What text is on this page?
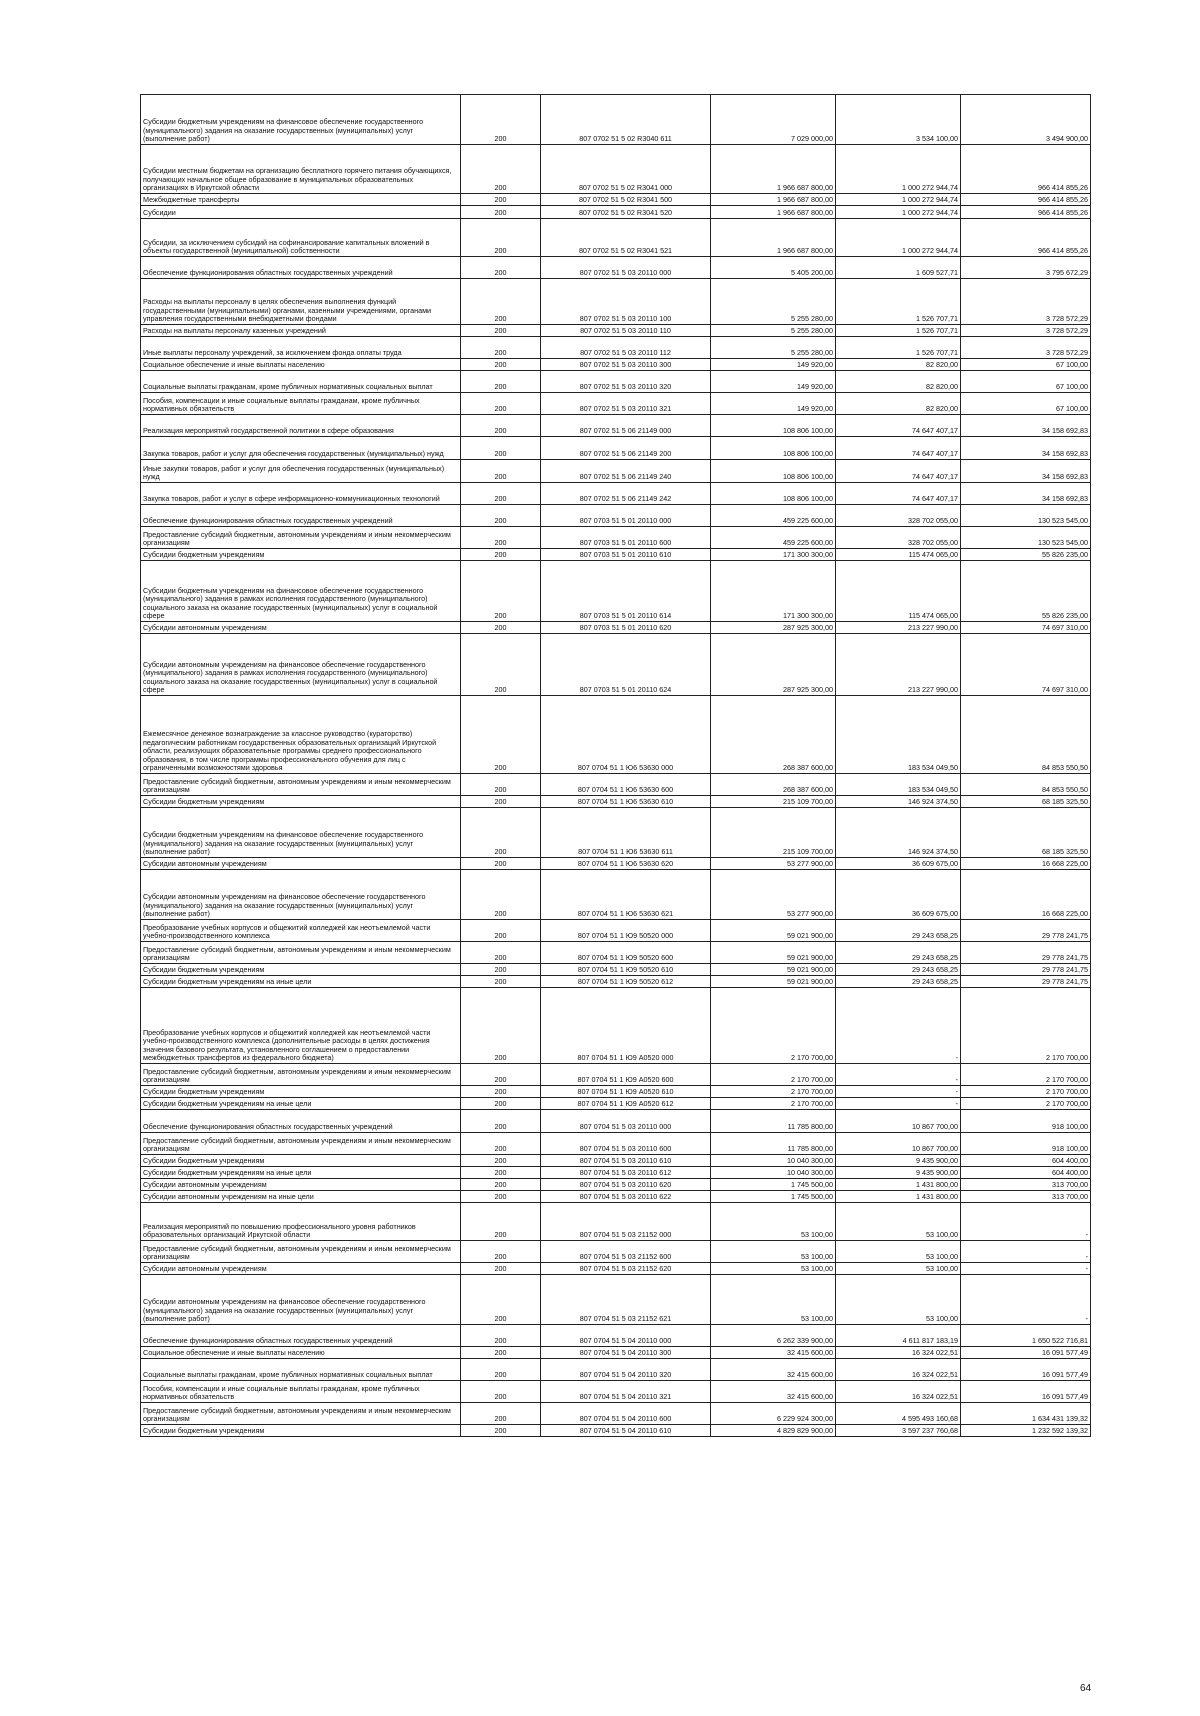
Субсидии бюджетным учреждениям на финансовое обеспечение государственного (муниципального) задания на оказание государственных (муниципальных) услуг (выполнение работ)	200	807 0702 51 5 02 R3040 611	7 029 000,00	3 534 100,00	3 494 900,00
Субсидии местным бюджетам на организацию бесплатного горячего питания обучающихся, получающих начальное общее образование в муниципальных образовательных организациях в Иркутской области	200	807 0702 51 5 02 R3041 000	1 966 687 800,00	1 000 272 944,74	966 414 855,26
Межбюджетные трансферты	200	807 0702 51 5 02 R3041 500	1 966 687 800,00	1 000 272 944,74	966 414 855,26
Субсидии	200	807 0702 51 5 02 R3041 520	1 966 687 800,00	1 000 272 944,74	966 414 855,26
Субсидии, за исключением субсидий на софинансирование капитальных вложений в объекты государственной (муниципальной) собственности	200	807 0702 51 5 02 R3041 521	1 966 687 800,00	1 000 272 944,74	966 414 855,26
Обеспечение функционирования областных государственных учреждений	200	807 0702 51 5 03 20110 000	5 405 200,00	1 609 527,71	3 795 672,29
Расходы на выплаты персоналу в целях обеспечения выполнения функций государственными (муниципальными) органами, казенными учреждениями, органами управления государственными внебюджетными фондами	200	807 0702 51 5 03 20110 100	5 255 280,00	1 526 707,71	3 728 572,29
Расходы на выплаты персоналу казенных учреждений	200	807 0702 51 5 03 20110 110	5 255 280,00	1 526 707,71	3 728 572,29
Иные выплаты персоналу учреждений, за исключением фонда оплаты труда	200	807 0702 51 5 03 20110 112	5 255 280,00	1 526 707,71	3 728 572,29
Социальное обеспечение и иные выплаты населению	200	807 0702 51 5 03 20110 300	149 920,00	82 820,00	67 100,00
Социальные выплаты гражданам, кроме публичных нормативных социальных выплат	200	807 0702 51 5 03 20110 320	149 920,00	82 820,00	67 100,00
Пособия, компенсации и иные социальные выплаты гражданам, кроме публичных нормативных обязательств	200	807 0702 51 5 03 20110 321	149 920,00	82 820,00	67 100,00
Реализация мероприятий государственной политики в сфере образования	200	807 0702 51 5 06 21149 000	108 806 100,00	74 647 407,17	34 158 692,83
Закупка товаров, работ и услуг для обеспечения государственных (муниципальных) нужд	200	807 0702 51 5 06 21149 200	108 806 100,00	74 647 407,17	34 158 692,83
Иные закупки товаров, работ и услуг для обеспечения государственных (муниципальных) нужд	200	807 0702 51 5 06 21149 240	108 806 100,00	74 647 407,17	34 158 692,83
Закупка товаров, работ и услуг в сфере информационно-коммуникационных технологий	200	807 0702 51 5 06 21149 242	108 806 100,00	74 647 407,17	34 158 692,83
Обеспечение функционирования областных государственных учреждений	200	807 0703 51 5 01 20110 000	459 225 600,00	328 702 055,00	130 523 545,00
Предоставление субсидий бюджетным, автономным учреждениям и иным некоммерческим организациям	200	807 0703 51 5 01 20110 600	459 225 600,00	328 702 055,00	130 523 545,00
Субсидии бюджетным учреждениям	200	807 0703 51 5 01 20110 610	171 300 300,00	115 474 065,00	55 826 235,00
Субсидии бюджетным учреждениям на финансовое обеспечение государственного (муниципального) задания в рамках исполнения государственного (муниципального) социального заказа на оказание государственных (муниципальных) услуг в социальной сфере	200	807 0703 51 5 01 20110 614	171 300 300,00	115 474 065,00	55 826 235,00
Субсидии автономным учреждениям	200	807 0703 51 5 01 20110 620	287 925 300,00	213 227 990,00	74 697 310,00
Субсидии автономным учреждениям на финансовое обеспечение государственного (муниципального) задания в рамках исполнения государственного (муниципального) социального заказа на оказание государственных (муниципальных) услуг в социальной сфере	200	807 0703 51 5 01 20110 624	287 925 300,00	213 227 990,00	74 697 310,00
Ежемесячное денежное вознаграждение за классное руководство (кураторство) педагогическим работникам государственных образовательных организаций Иркутской области, реализующих образовательные программы среднего профессионального образования, в том числе программы профессионального обучения для лиц с ограниченными возможностями здоровья	200	807 0704 51 1 Ю6 53630 000	268 387 600,00	183 534 049,50	84 853 550,50
Предоставление субсидий бюджетным, автономным учреждениям и иным некоммерческим организациям	200	807 0704 51 1 Ю6 53630 600	268 387 600,00	183 534 049,50	84 853 550,50
Субсидии бюджетным учреждениям	200	807 0704 51 1 Ю6 53630 610	215 109 700,00	146 924 374,50	68 185 325,50
Субсидии бюджетным учреждениям на финансовое обеспечение государственного (муниципального) задания на оказание государственных (муниципальных) услуг (выполнение работ)	200	807 0704 51 1 Ю6 53630 611	215 109 700,00	146 924 374,50	68 185 325,50
Субсидии автономным учреждениям	200	807 0704 51 1 Ю6 53630 620	53 277 900,00	36 609 675,00	16 668 225,00
Субсидии автономным учреждениям на финансовое обеспечение государственного (муниципального) задания на оказание государственных (муниципальных) услуг (выполнение работ)	200	807 0704 51 1 Ю6 53630 621	53 277 900,00	36 609 675,00	16 668 225,00
Преобразование учебных корпусов и общежитий колледжей как неотъемлемой части учебно-производственного комплекса	200	807 0704 51 1 Ю9 50520 000	59 021 900,00	29 243 658,25	29 778 241,75
Предоставление субсидий бюджетным, автономным учреждениям и иным некоммерческим организациям	200	807 0704 51 1 Ю9 50520 600	59 021 900,00	29 243 658,25	29 778 241,75
Субсидии бюджетным учреждениям	200	807 0704 51 1 Ю9 50520 610	59 021 900,00	29 243 658,25	29 778 241,75
Субсидии бюджетным учреждениям на иные цели	200	807 0704 51 1 Ю9 50520 612	59 021 900,00	29 243 658,25	29 778 241,75
Преобразование учебных корпусов и общежитий колледжей как неотъемлемой части учебно-производственного комплекса (дополнительные расходы в целях достижения значения базового результата, установленного соглашением о предоставлении межбюджетных трансфертов из федерального бюджета)	200	807 0704 51 1 Ю9 А0520 000	2 170 700,00	-	2 170 700,00
Предоставление субсидий бюджетным, автономным учреждениям и иным некоммерческим организациям	200	807 0704 51 1 Ю9 А0520 600	2 170 700,00	-	2 170 700,00
Субсидии бюджетным учреждениям	200	807 0704 51 1 Ю9 А0520 610	2 170 700,00	-	2 170 700,00
Субсидии бюджетным учреждениям на иные цели	200	807 0704 51 1 Ю9 А0520 612	2 170 700,00	-	2 170 700,00
Обеспечение функционирования областных государственных учреждений	200	807 0704 51 5 03 20110 000	11 785 800,00	10 867 700,00	918 100,00
Предоставление субсидий бюджетным, автономным учреждениям и иным некоммерческим организациям	200	807 0704 51 5 03 20110 600	11 785 800,00	10 867 700,00	918 100,00
Субсидии бюджетным учреждениям	200	807 0704 51 5 03 20110 610	10 040 300,00	9 435 900,00	604 400,00
Субсидии бюджетным учреждениям на иные цели	200	807 0704 51 5 03 20110 612	10 040 300,00	9 435 900,00	604 400,00
Субсидии автономным учреждениям	200	807 0704 51 5 03 20110 620	1 745 500,00	1 431 800,00	313 700,00
Субсидии автономным учреждениям на иные цели	200	807 0704 51 5 03 20110 622	1 745 500,00	1 431 800,00	313 700,00
Реализация мероприятий по повышению профессионального уровня работников образовательных организаций Иркутской области	200	807 0704 51 5 03 21152 000	53 100,00	53 100,00	-
Предоставление субсидий бюджетным, автономным учреждениям и иным некоммерческим организациям	200	807 0704 51 5 03 21152 600	53 100,00	53 100,00	-
Субсидии автономным учреждениям	200	807 0704 51 5 03 21152 620	53 100,00	53 100,00	-
Субсидии автономным учреждениям на финансовое обеспечение государственного (муниципального) задания на оказание государственных (муниципальных) услуг (выполнение работ)	200	807 0704 51 5 03 21152 621	53 100,00	53 100,00	-
Обеспечение функционирования областных государственных учреждений	200	807 0704 51 5 04 20110 000	6 262 339 900,00	4 611 817 183,19	1 650 522 716,81
Социальное обеспечение и иные выплаты населению	200	807 0704 51 5 04 20110 300	32 415 600,00	16 324 022,51	16 091 577,49
Социальные выплаты гражданам, кроме публичных нормативных социальных выплат	200	807 0704 51 5 04 20110 320	32 415 600,00	16 324 022,51	16 091 577,49
Пособия, компенсации и иные социальные выплаты гражданам, кроме публичных нормативных обязательств	200	807 0704 51 5 04 20110 321	32 415 600,00	16 324 022,51	16 091 577,49
Предоставление субсидий бюджетным, автономным учреждениям и иным некоммерческим организациям	200	807 0704 51 5 04 20110 600	6 229 924 300,00	4 595 493 160,68	1 634 431 139,32
Субсидии бюджетным учреждениям	200	807 0704 51 5 04 20110 610	4 829 829 900,00	3 597 237 760,68	1 232 592 139,32
64
